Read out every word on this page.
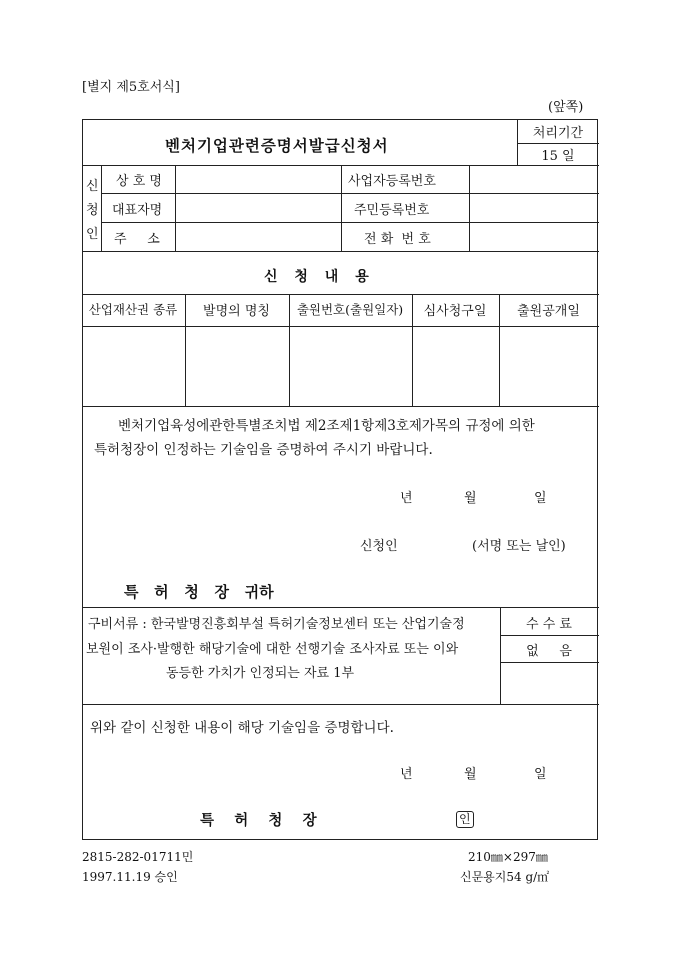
[별지 제5호서식]
(앞쪽)
벤처기업관련증명서발급신청서
처리기간
15 일
신
청
인
상 호 명	사업자등록번호
대표자명	주민등록번호
주     소	전 화  번 호
신 청 내 용
산업재산권 종류	발명의 명칭	출원번호(출원일자)	심사청구일	출원공개일
벤처기업육성에관한특별조치법 제2조제1항제3호제가목의 규정에 의한
특허청장이 인정하는 기술임을 증명하여 주시기 바랍니다.
년	월	일
신청인	(서명 또는 날인)
특   허   청   장   귀하
구비서류 : 한국발명진흥회부설 특허기술정보센터 또는 산업기술정
보원이 조사·발행한 해당기술에 대한 선행기술 조사자료 또는 이와
동등한 가치가 인정되는 자료 1부
수 수 료
없     음
위와 같이 신청한 내용이 해당 기술임을 증명합니다.
년	월	일
특    허    청    장	인
2815-282-01711민
1997.11.19 승인
210㎜×297㎜
신문용지54 g/㎡
